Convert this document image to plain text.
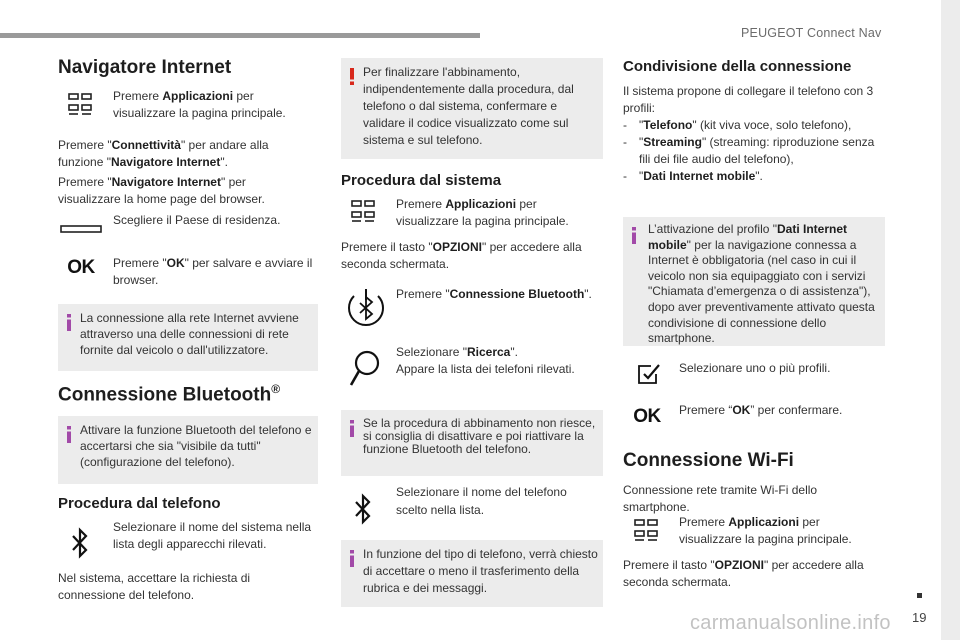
PEUGEOT Connect Nav
19
carmanualsonline.info
Navigatore Internet
Premere Applicazioni per visualizzare la pagina principale.
Premere "Connettività" per andare alla funzione "Navigatore Internet".
Premere "Navigatore Internet" per visualizzare la home page del browser.
Scegliere il Paese di residenza.
OK Premere "OK" per salvare e avviare il browser.
La connessione alla rete Internet avviene attraverso una delle connessioni di rete fornite dal veicolo o dall'utilizzatore.
Connessione Bluetooth®
Attivare la funzione Bluetooth del telefono e accertarsi che sia "visibile da tutti" (configurazione del telefono).
Procedura dal telefono
Selezionare il nome del sistema nella lista degli apparecchi rilevati.
Nel sistema, accettare la richiesta di connessione del telefono.
Per finalizzare l'abbinamento, indipendentemente dalla procedura, dal telefono o dal sistema, confermare e validare il codice visualizzato come sul sistema e sul telefono.
Procedura dal sistema
Premere Applicazioni per visualizzare la pagina principale.
Premere il tasto "OPZIONI" per accedere alla seconda schermata.
Premere "Connessione Bluetooth".
Selezionare "Ricerca".
Appare la lista dei telefoni rilevati.
Se la procedura di abbinamento non riesce, si consiglia di disattivare e poi riattivare la funzione Bluetooth del telefono.
Selezionare il nome del telefono scelto nella lista.
In funzione del tipo di telefono, verrà chiesto di accettare o meno il trasferimento della rubrica e dei messaggi.
Condivisione della connessione
Il sistema propone di collegare il telefono con 3 profili:
-	"Telefono" (kit viva voce, solo telefono),
-	"Streaming" (streaming: riproduzione senza fili dei file audio del telefono),
-	"Dati Internet mobile".
L’attivazione del profilo "Dati Internet mobile" per la navigazione connessa a Internet è obbligatoria (nel caso in cui il veicolo non sia equipaggiato con i servizi "Chiamata d’emergenza o di assistenza"), dopo aver preventivamente attivato questa condivisione di connessione dello smartphone.
Selezionare uno o più profili.
OK Premere “OK” per confermare.
Connessione Wi-Fi
Connessione rete tramite Wi-Fi dello smartphone.
Premere Applicazioni per visualizzare la pagina principale.
Premere il tasto "OPZIONI" per accedere alla seconda schermata.
